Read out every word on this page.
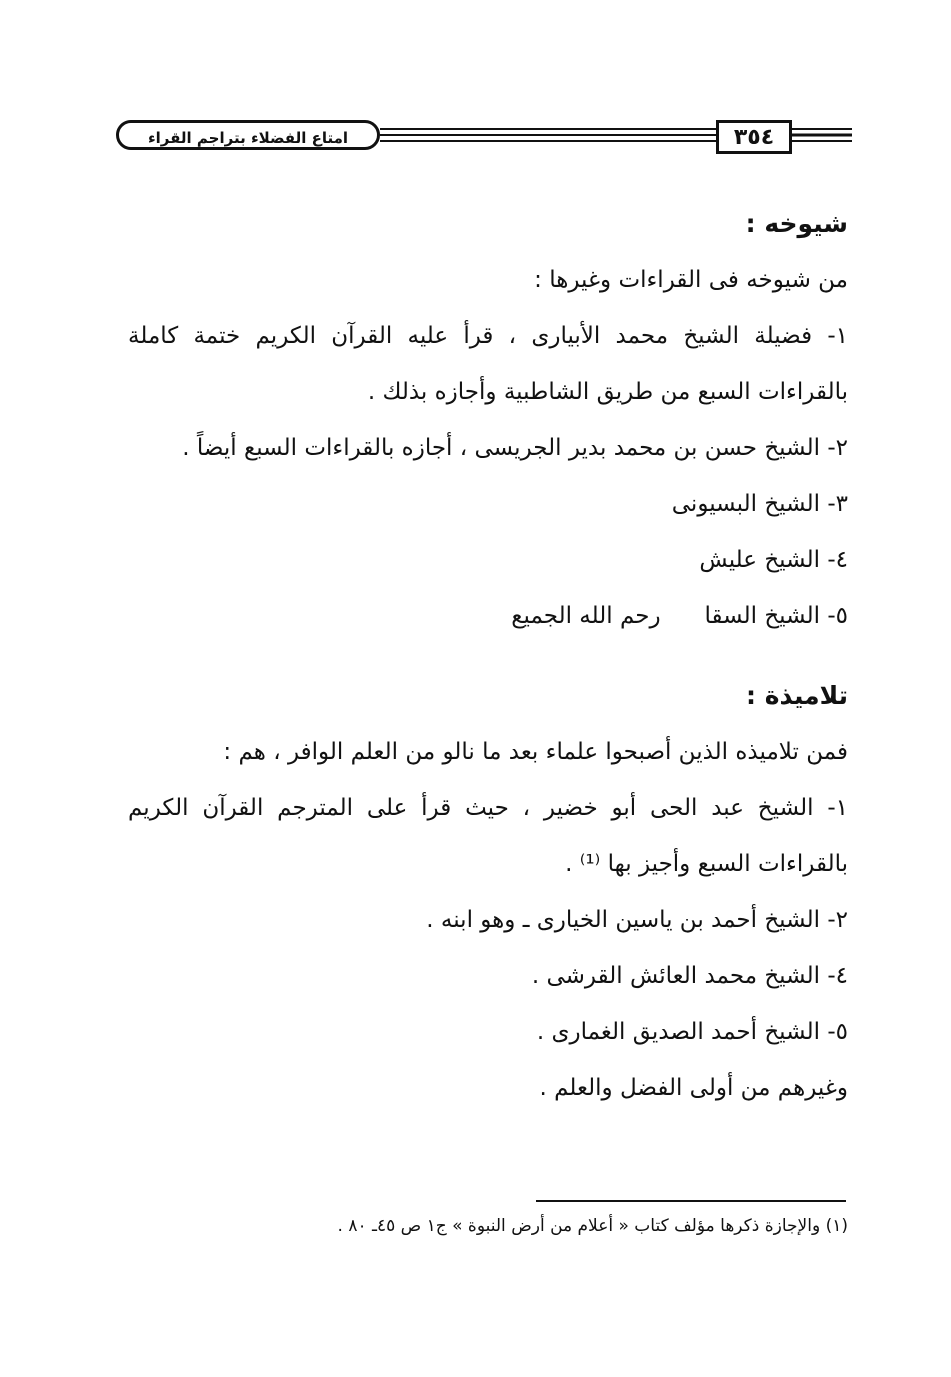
امتاع الفضلاء بتراجم القراء	٣٥٤

شيوخه :

من شيوخه فى القراءات وغيرها :

١- فضيلة الشيخ محمد الأبيارى ، قرأ عليه القرآن الكريم ختمة كاملة بالقراءات السبع من طريق الشاطبية وأجازه بذلك .

٢- الشيخ حسن بن محمد بدير الجريسى ، أجازه بالقراءات السبع أيضاً .

٣- الشيخ البسيونى

٤- الشيخ عليش

٥- الشيخ السقا      رحم الله الجميع

تلاميذة :

فمن تلاميذه الذين أصبحوا علماء بعد ما نالو من العلم الوافر ، هم :

١- الشيخ عبد الحى أبو خضير ، حيث قرأ على المترجم القرآن الكريم بالقراءات السبع وأجيز بها ⁽¹⁾ .

٢- الشيخ أحمد بن ياسين الخيارى ـ وهو ابنه .

٤- الشيخ محمد العائش القرشى .

٥- الشيخ أحمد الصديق الغمارى .

وغيرهم من أولى الفضل والعلم .

(١) والإجازة ذكرها مؤلف كتاب « أعلام من أرض النبوة » ج١ ص ٤٥ـ ٨٠ .
